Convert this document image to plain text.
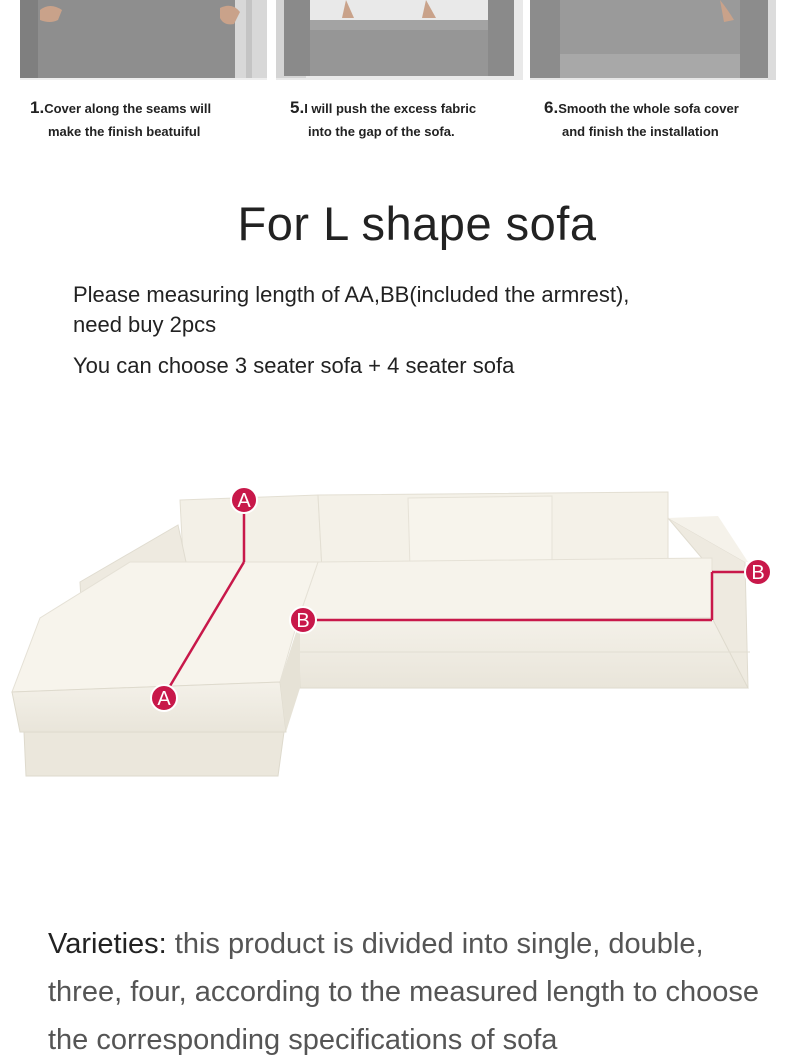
1.Cover along the seams will
make the finish beatuiful
5.I will push the excess fabric
into the gap of the sofa.
6.Smooth the whole sofa cover
and finish the installation
For L shape sofa
Please measuring length of AA,BB(included the armrest),
need buy 2pcs
You can choose 3 seater sofa + 4 seater sofa
A
A
B
B
Varieties: this product is divided into single, double, three, four, according to the measured length to choose the corresponding specifications of sofa
